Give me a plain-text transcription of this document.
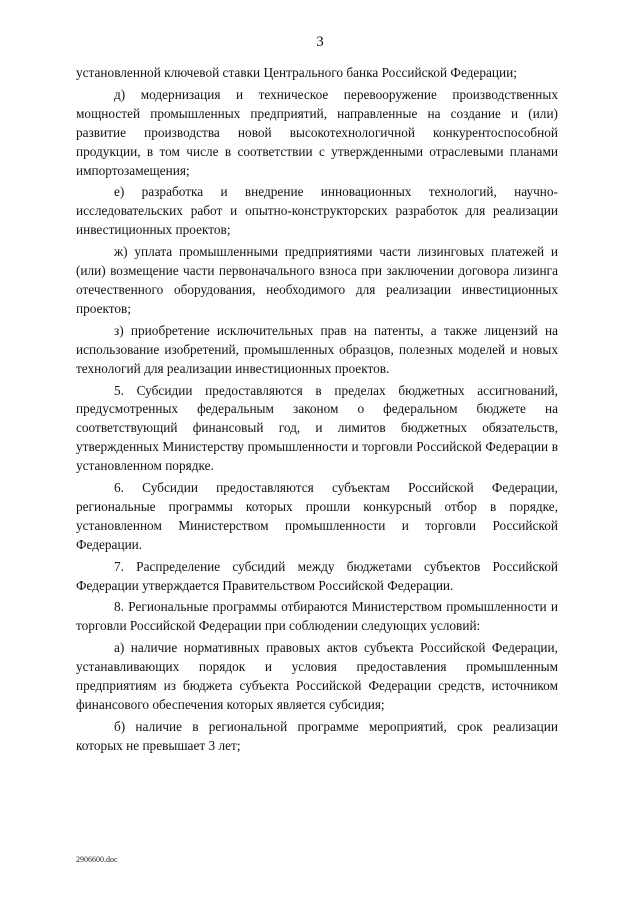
3

установленной ключевой ставки Центрального банка Российской Федерации;

д) модернизация и техническое перевооружение производственных мощностей промышленных предприятий, направленные на создание и (или) развитие производства новой высокотехнологичной конкурентоспособной продукции, в том числе в соответствии с утвержденными отраслевыми планами импортозамещения;

е) разработка и внедрение инновационных технологий, научно-исследовательских работ и опытно-конструкторских разработок для реализации инвестиционных проектов;

ж) уплата промышленными предприятиями части лизинговых платежей и (или) возмещение части первоначального взноса при заключении договора лизинга отечественного оборудования, необходимого для реализации инвестиционных проектов;

з) приобретение исключительных прав на патенты, а также лицензий на использование изобретений, промышленных образцов, полезных моделей и новых технологий для реализации инвестиционных проектов.

5. Субсидии предоставляются в пределах бюджетных ассигнований, предусмотренных федеральным законом о федеральном бюджете на соответствующий финансовый год, и лимитов бюджетных обязательств, утвержденных Министерству промышленности и торговли Российской Федерации в установленном порядке.

6. Субсидии предоставляются субъектам Российской Федерации, региональные программы которых прошли конкурсный отбор в порядке, установленном Министерством промышленности и торговли Российской Федерации.

7. Распределение субсидий между бюджетами субъектов Российской Федерации утверждается Правительством Российской Федерации.

8. Региональные программы отбираются Министерством промышленности и торговли Российской Федерации при соблюдении следующих условий:

а) наличие нормативных правовых актов субъекта Российской Федерации, устанавливающих порядок и условия предоставления промышленным предприятиям из бюджета субъекта Российской Федерации средств, источником финансового обеспечения которых является субсидия;

б) наличие в региональной программе мероприятий, срок реализации которых не превышает 3 лет;

2906600.doc
